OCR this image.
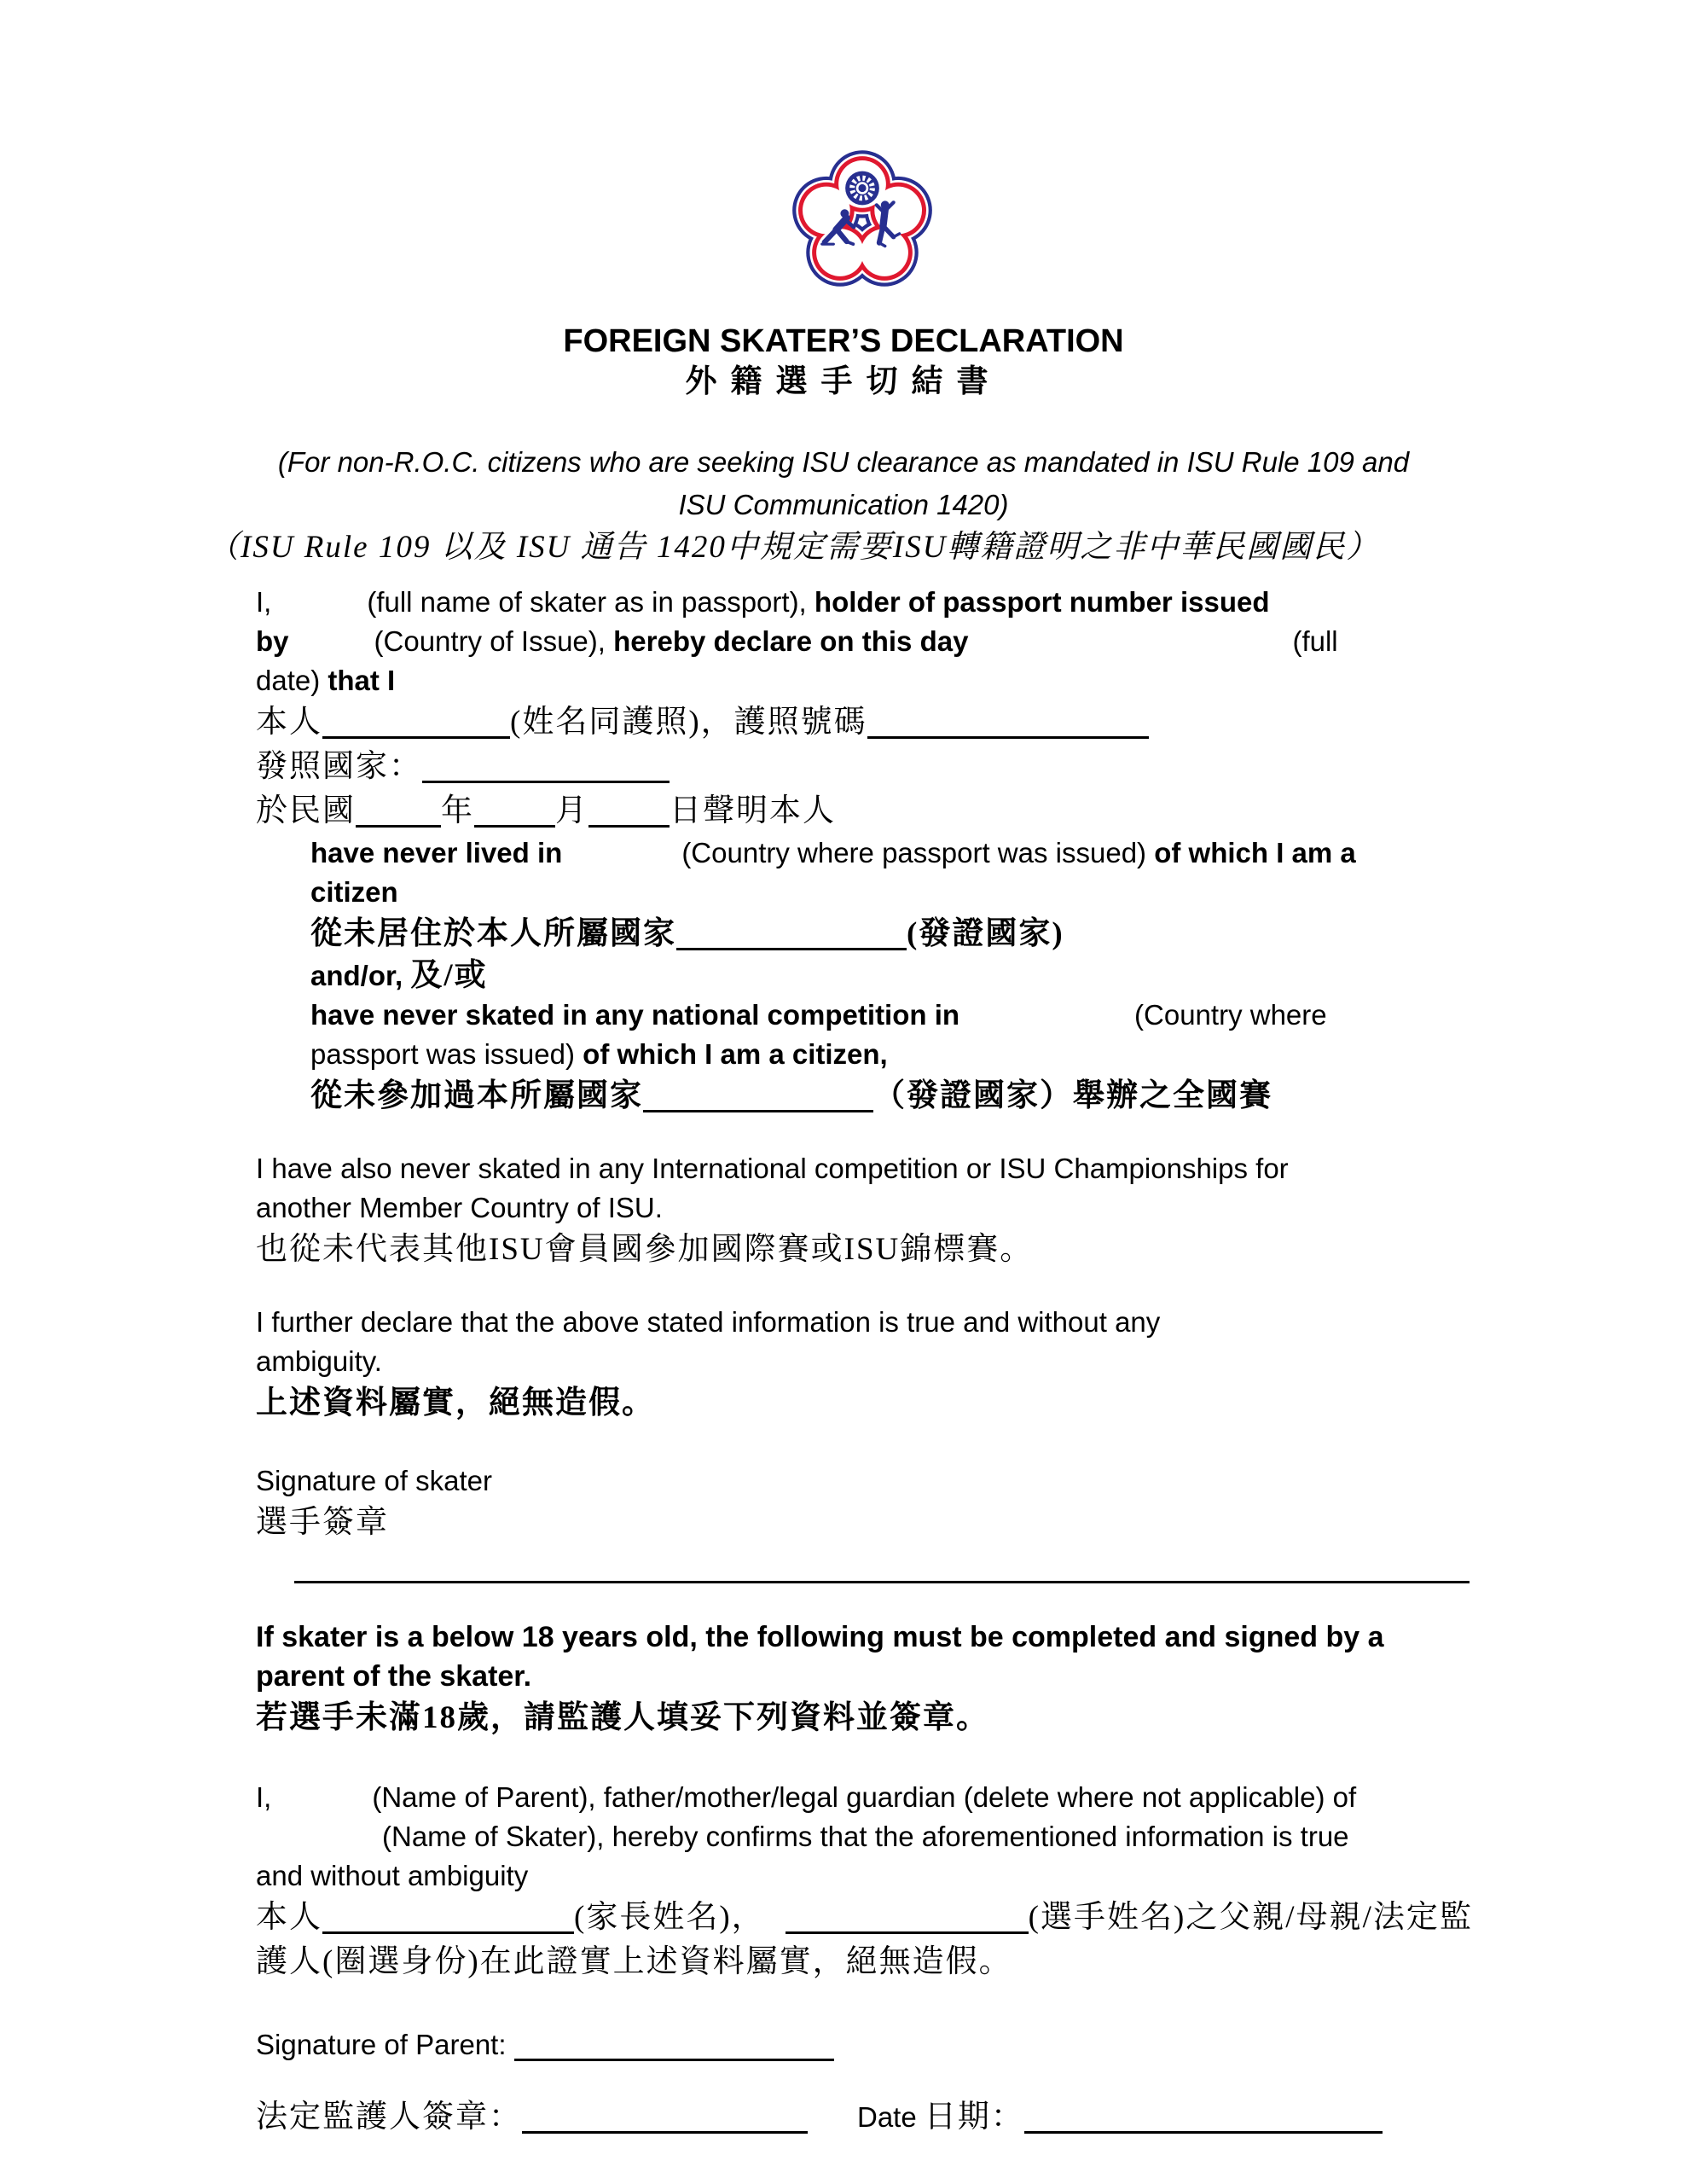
FOREIGN SKATER’S DECLARATION
外籍選手切結書
(For non-R.O.C. citizens who are seeking ISU clearance as mandated in ISU Rule 109 and
ISU Communication 1420)
（ISU Rule 109 以及 ISU 通告 1420中規定需要ISU轉籍證明之非中華民國國民）
I,	(full name of skater as in passport), holder of passport number issued
by	(Country of Issue), hereby declare on this day	(full
date) that I
本人	(姓名同護照)，護照號碼
發照國家：
於民國	年	月	日聲明本人
have never lived in	(Country where passport was issued) of which I am a
citizen
從未居住於本人所屬國家	(發證國家)
and/or, 及/或
have never skated in any national competition in	(Country where
passport was issued) of which I am a citizen,
從未參加過本所屬國家	（發證國家）舉辦之全國賽
I have also never skated in any International competition or ISU Championships for
another Member Country of ISU.
也從未代表其他ISU會員國參加國際賽或ISU錦標賽。
I further declare that the above stated information is true and without any
ambiguity.
上述資料屬實，絕無造假。
Signature of skater
選手簽章
If skater is a below 18 years old, the following must be completed and signed by a
parent of the skater.
若選手未滿18歲，請監護人填妥下列資料並簽章。
I,	(Name of Parent), father/mother/legal guardian (delete where not applicable) of
(Name of Skater), hereby confirms that the aforementioned information is true
and without ambiguity
本人	(家長姓名)，	(選手姓名)之父親/母親/法定監
護人(圈選身份)在此證實上述資料屬實，絕無造假。
Signature of Parent:
法定監護人簽章：	Date 日期：
